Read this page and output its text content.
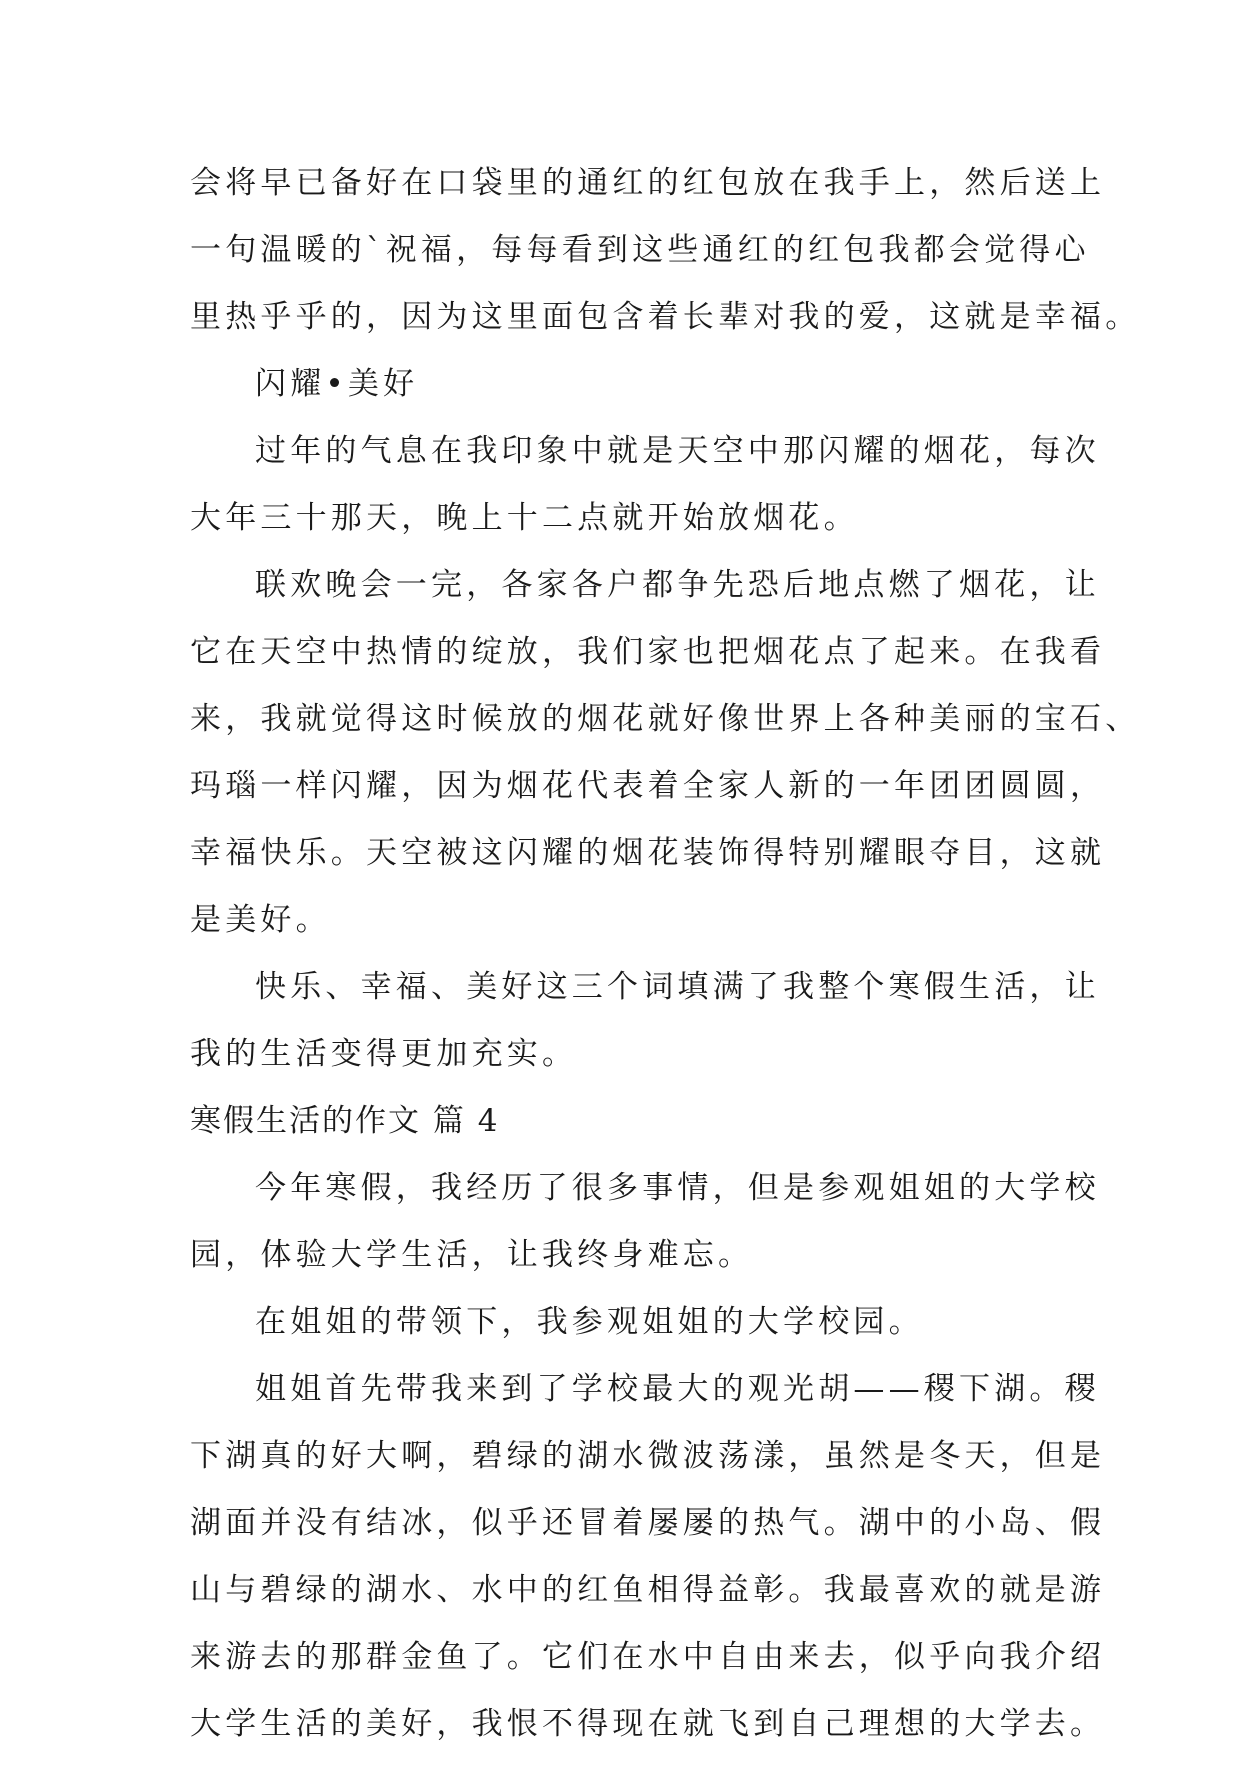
会将早已备好在口袋里的通红的红包放在我手上，然后送上
一句温暖的`祝福，每每看到这些通红的红包我都会觉得心
里热乎乎的，因为这里面包含着长辈对我的爱，这就是幸福。
闪耀•美好
过年的气息在我印象中就是天空中那闪耀的烟花，每次
大年三十那天，晚上十二点就开始放烟花。
联欢晚会一完，各家各户都争先恐后地点燃了烟花，让
它在天空中热情的绽放，我们家也把烟花点了起来。在我看
来，我就觉得这时候放的烟花就好像世界上各种美丽的宝石、
玛瑙一样闪耀，因为烟花代表着全家人新的一年团团圆圆，
幸福快乐。天空被这闪耀的烟花装饰得特别耀眼夺目，这就
是美好。
快乐、幸福、美好这三个词填满了我整个寒假生活，让
我的生活变得更加充实。
寒假生活的作文 篇 4
今年寒假，我经历了很多事情，但是参观姐姐的大学校
园，体验大学生活，让我终身难忘。
在姐姐的带领下，我参观姐姐的大学校园。
姐姐首先带我来到了学校最大的观光胡——稷下湖。稷
下湖真的好大啊，碧绿的湖水微波荡漾，虽然是冬天，但是
湖面并没有结冰，似乎还冒着屡屡的热气。湖中的小岛、假
山与碧绿的湖水、水中的红鱼相得益彰。我最喜欢的就是游
来游去的那群金鱼了。它们在水中自由来去，似乎向我介绍
大学生活的美好，我恨不得现在就飞到自己理想的大学去。
